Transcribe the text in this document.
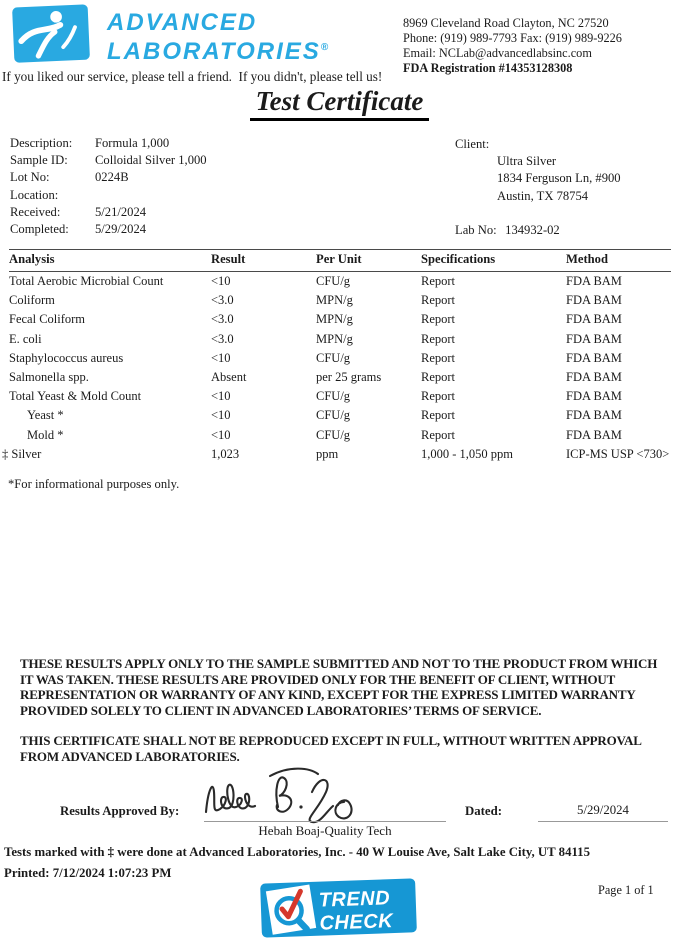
ADVANCED
LABORATORIES®
8969 Cleveland Road Clayton, NC 27520
Phone: (919) 989-7793 Fax: (919) 989-9226
Email: NCLab@advancedlabsinc.com
FDA Registration #14353128308
If you liked our service, please tell a friend.  If you didn't, please tell us!
Test Certificate
Description: Formula 1,000
Sample ID: Colloidal Silver 1,000
Lot No:	0224B
Location:
Received:	5/21/2024
Completed: 5/29/2024
Client:
Ultra Silver
1834 Ferguson Ln, #900
Austin, TX 78754
Lab No: 134932-02
Analysis	Result	Per Unit	Specifications	Method
Total Aerobic Microbial Count	<10	CFU/g	Report	FDA BAM
Coliform	<3.0	MPN/g	Report	FDA BAM
Fecal Coliform	<3.0	MPN/g	Report	FDA BAM
E. coli	<3.0	MPN/g	Report	FDA BAM
Staphylococcus aureus	<10	CFU/g	Report	FDA BAM
Salmonella spp.	Absent	per 25 grams	Report	FDA BAM
Total Yeast & Mold Count	<10	CFU/g	Report	FDA BAM
Yeast *	<10	CFU/g	Report	FDA BAM
Mold *	<10	CFU/g	Report	FDA BAM
‡ Silver	1,023	ppm	1,000 - 1,050 ppm	ICP-MS USP <730>
*For informational purposes only.

THESE RESULTS APPLY ONLY TO THE SAMPLE SUBMITTED AND NOT TO THE PRODUCT FROM WHICH IT WAS TAKEN. THESE RESULTS ARE PROVIDED ONLY FOR THE BENEFIT OF CLIENT, WITHOUT REPRESENTATION OR WARRANTY OF ANY KIND, EXCEPT FOR THE EXPRESS LIMITED WARRANTY PROVIDED SOLELY TO CLIENT IN ADVANCED LABORATORIES’ TERMS OF SERVICE.

THIS CERTIFICATE SHALL NOT BE REPRODUCED EXCEPT IN FULL, WITHOUT WRITTEN APPROVAL FROM ADVANCED LABORATORIES.

Results Approved By:
Hebah Boaj-Quality Tech
Dated:	5/29/2024
Tests marked with ‡ were done at Advanced Laboratories, Inc. - 40 W Louise Ave, Salt Lake City, UT 84115
Printed: 7/12/2024 1:07:23 PM
TREND
CHECK
Page 1 of 1
